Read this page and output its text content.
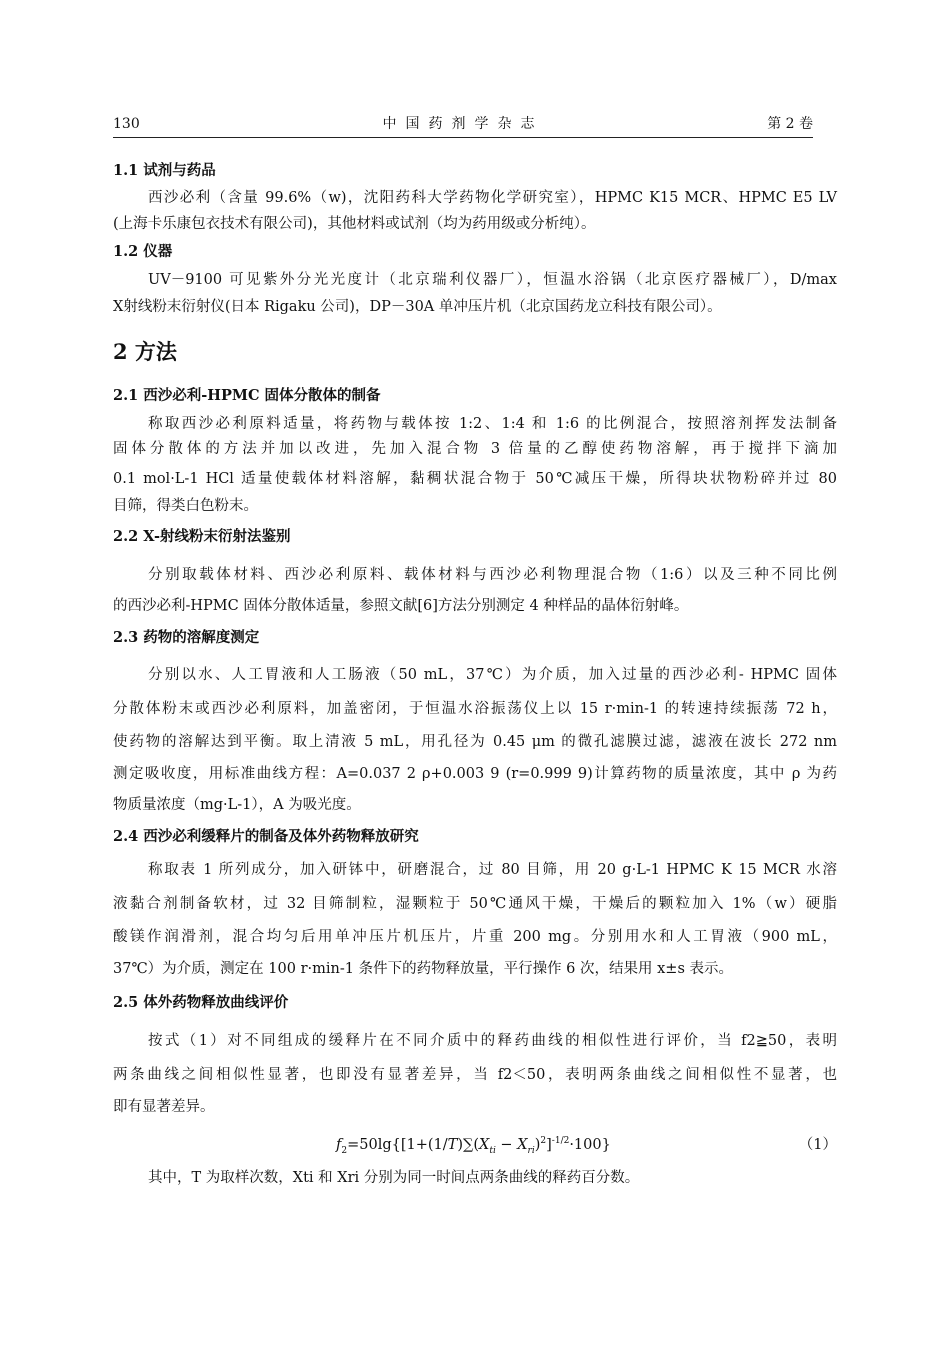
130	中国药剂学杂志	第 2 卷
1.1 试剂与药品
西沙必利（含量 99.6%（w)，沈阳药科大学药物化学研究室），HPMC K15 MCR、HPMC E5 LV
(上海卡乐康包衣技术有限公司)，其他材料或试剂（均为药用级或分析纯）。
1.2 仪器
UV－9100 可见紫外分光光度计（北京瑞利仪器厂），恒温水浴锅（北京医疗器械厂），D/max
X射线粉末衍射仪(日本 Rigaku 公司)，DP－30A 单冲压片机（北京国药龙立科技有限公司）。
2 方法
2.1 西沙必利-HPMC 固体分散体的制备
称取西沙必利原料适量，将药物与载体按 1:2、1:4 和 1:6 的比例混合，按照溶剂挥发法制备
固体分散体的方法并加以改进，先加入混合物 3 倍量的乙醇使药物溶解，再于搅拌下滴加
0.1 mol·L-1 HCl 适量使载体材料溶解，黏稠状混合物于 50℃减压干燥，所得块状物粉碎并过 80
目筛，得类白色粉末。
2.2 X-射线粉末衍射法鉴别
分别取载体材料、西沙必利原料、载体材料与西沙必利物理混合物（1:6）以及三种不同比例
的西沙必利-HPMC 固体分散体适量，参照文献[6]方法分别测定 4 种样品的晶体衍射峰。
2.3 药物的溶解度测定
分别以水、人工胃液和人工肠液（50 mL，37℃）为介质，加入过量的西沙必利- HPMC 固体
分散体粉末或西沙必利原料，加盖密闭，于恒温水浴振荡仪上以 15 r·min-1 的转速持续振荡 72 h，
使药物的溶解达到平衡。取上清液 5 mL，用孔径为 0.45 μm 的微孔滤膜过滤，滤液在波长 272 nm
测定吸收度，用标准曲线方程：A=0.037 2 ρ+0.003 9 (r=0.999 9)计算药物的质量浓度，其中 ρ 为药
物质量浓度（mg·L-1），A 为吸光度。
2.4 西沙必利缓释片的制备及体外药物释放研究
称取表 1 所列成分，加入研钵中，研磨混合，过 80 目筛，用 20 g·L-1 HPMC K 15 MCR 水溶
液黏合剂制备软材，过 32 目筛制粒，湿颗粒于 50℃通风干燥，干燥后的颗粒加入 1%（w）硬脂
酸镁作润滑剂，混合均匀后用单冲压片机压片，片重 200 mg。分别用水和人工胃液（900 mL，
37℃）为介质，测定在 100 r·min-1 条件下的药物释放量，平行操作 6 次，结果用 x±s 表示。
2.5 体外药物释放曲线评价
按式（1）对不同组成的缓释片在不同介质中的释药曲线的相似性进行评价，当 f2≧50，表明
两条曲线之间相似性显著，也即没有显著差异，当 f2＜50，表明两条曲线之间相似性不显著，也
即有显著差异。
$f_2=50\lg\{[1+(1/T)\sum(X_{ti} - X_{ri})^2]^{-1/2}\cdot 100\}$	（1）
其中，T 为取样次数，Xti 和 Xri 分别为同一时间点两条曲线的释药百分数。
